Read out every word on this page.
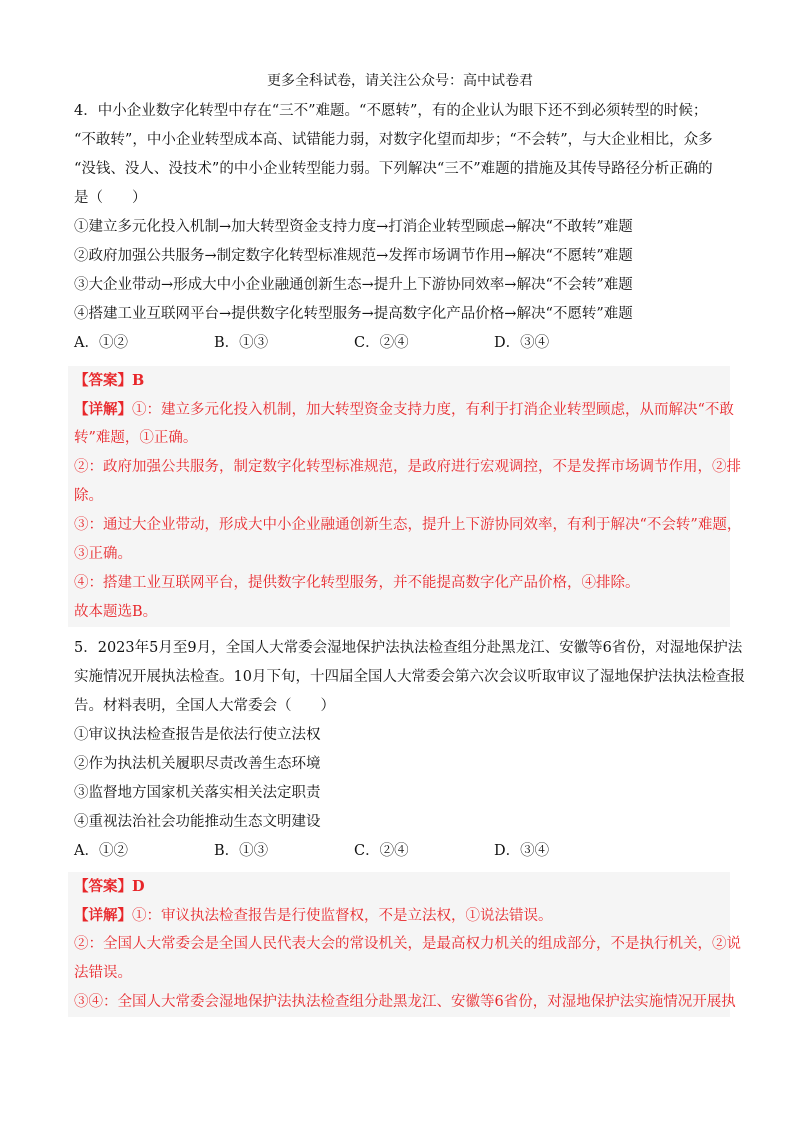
更多全科试卷，请关注公众号：高中试卷君
4．中小企业数字化转型中存在“三不”难题。“不愿转”，有的企业认为眼下还不到必须转型的时候；
“不敢转”，中小企业转型成本高、试错能力弱，对数字化望而却步；“不会转”，与大企业相比，众多
“没钱、没人、没技术”的中小企业转型能力弱。下列解决“三不”难题的措施及其传导路径分析正确的
是（　　）
①建立多元化投入机制→加大转型资金支持力度→打消企业转型顾虑→解决“不敢转”难题
②政府加强公共服务→制定数字化转型标准规范→发挥市场调节作用→解决“不愿转”难题
③大企业带动→形成大中小企业融通创新生态→提升上下游协同效率→解决“不会转”难题
④搭建工业互联网平台→提供数字化转型服务→提高数字化产品价格→解决“不愿转”难题
A．①②	B．①③	C．②④	D．③④
【答案】B
【详解】①：建立多元化投入机制，加大转型资金支持力度，有利于打消企业转型顾虑，从而解决“不敢
转”难题，①正确。
②：政府加强公共服务，制定数字化转型标准规范，是政府进行宏观调控，不是发挥市场调节作用，②排
除。
③：通过大企业带动，形成大中小企业融通创新生态，提升上下游协同效率，有利于解决“不会转”难题，
③正确。
④：搭建工业互联网平台，提供数字化转型服务，并不能提高数字化产品价格，④排除。
故本题选B。
5．2023年5月至9月，全国人大常委会湿地保护法执法检查组分赴黑龙江、安徽等6省份，对湿地保护法
实施情况开展执法检查。10月下旬，十四届全国人大常委会第六次会议听取审议了湿地保护法执法检查报
告。材料表明，全国人大常委会（　　）
①审议执法检查报告是依法行使立法权
②作为执法机关履职尽责改善生态环境
③监督地方国家机关落实相关法定职责
④重视法治社会功能推动生态文明建设
A．①②	B．①③	C．②④	D．③④
【答案】D
【详解】①：审议执法检查报告是行使监督权，不是立法权，①说法错误。
②：全国人大常委会是全国人民代表大会的常设机关，是最高权力机关的组成部分，不是执行机关，②说
法错误。
③④：全国人大常委会湿地保护法执法检查组分赴黑龙江、安徽等6省份，对湿地保护法实施情况开展执
